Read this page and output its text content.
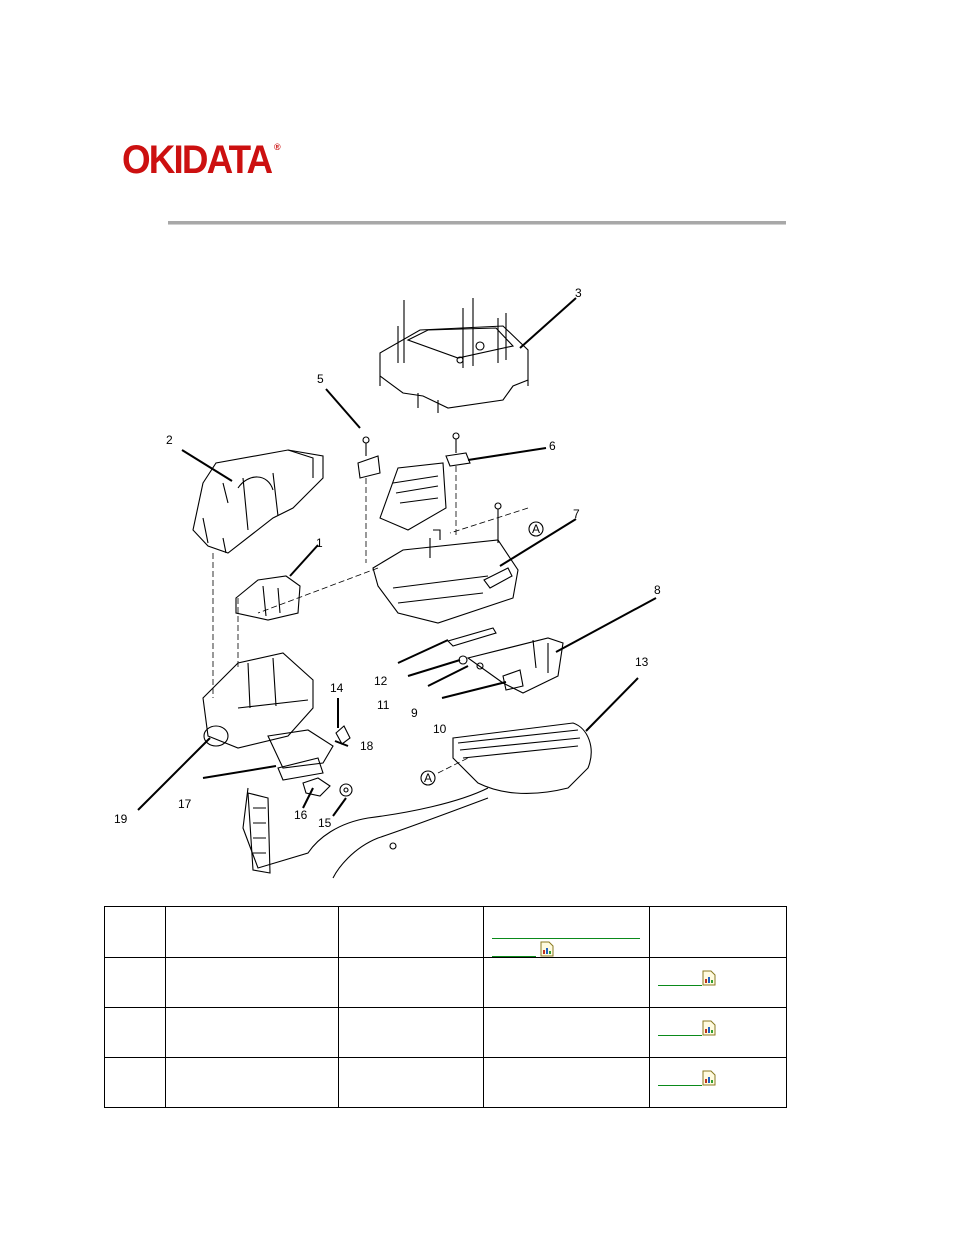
OKIDATA ®
3
5
6
2
1
7
8
13
12
11
9
10
14
18
17
19	16
15
A
A
